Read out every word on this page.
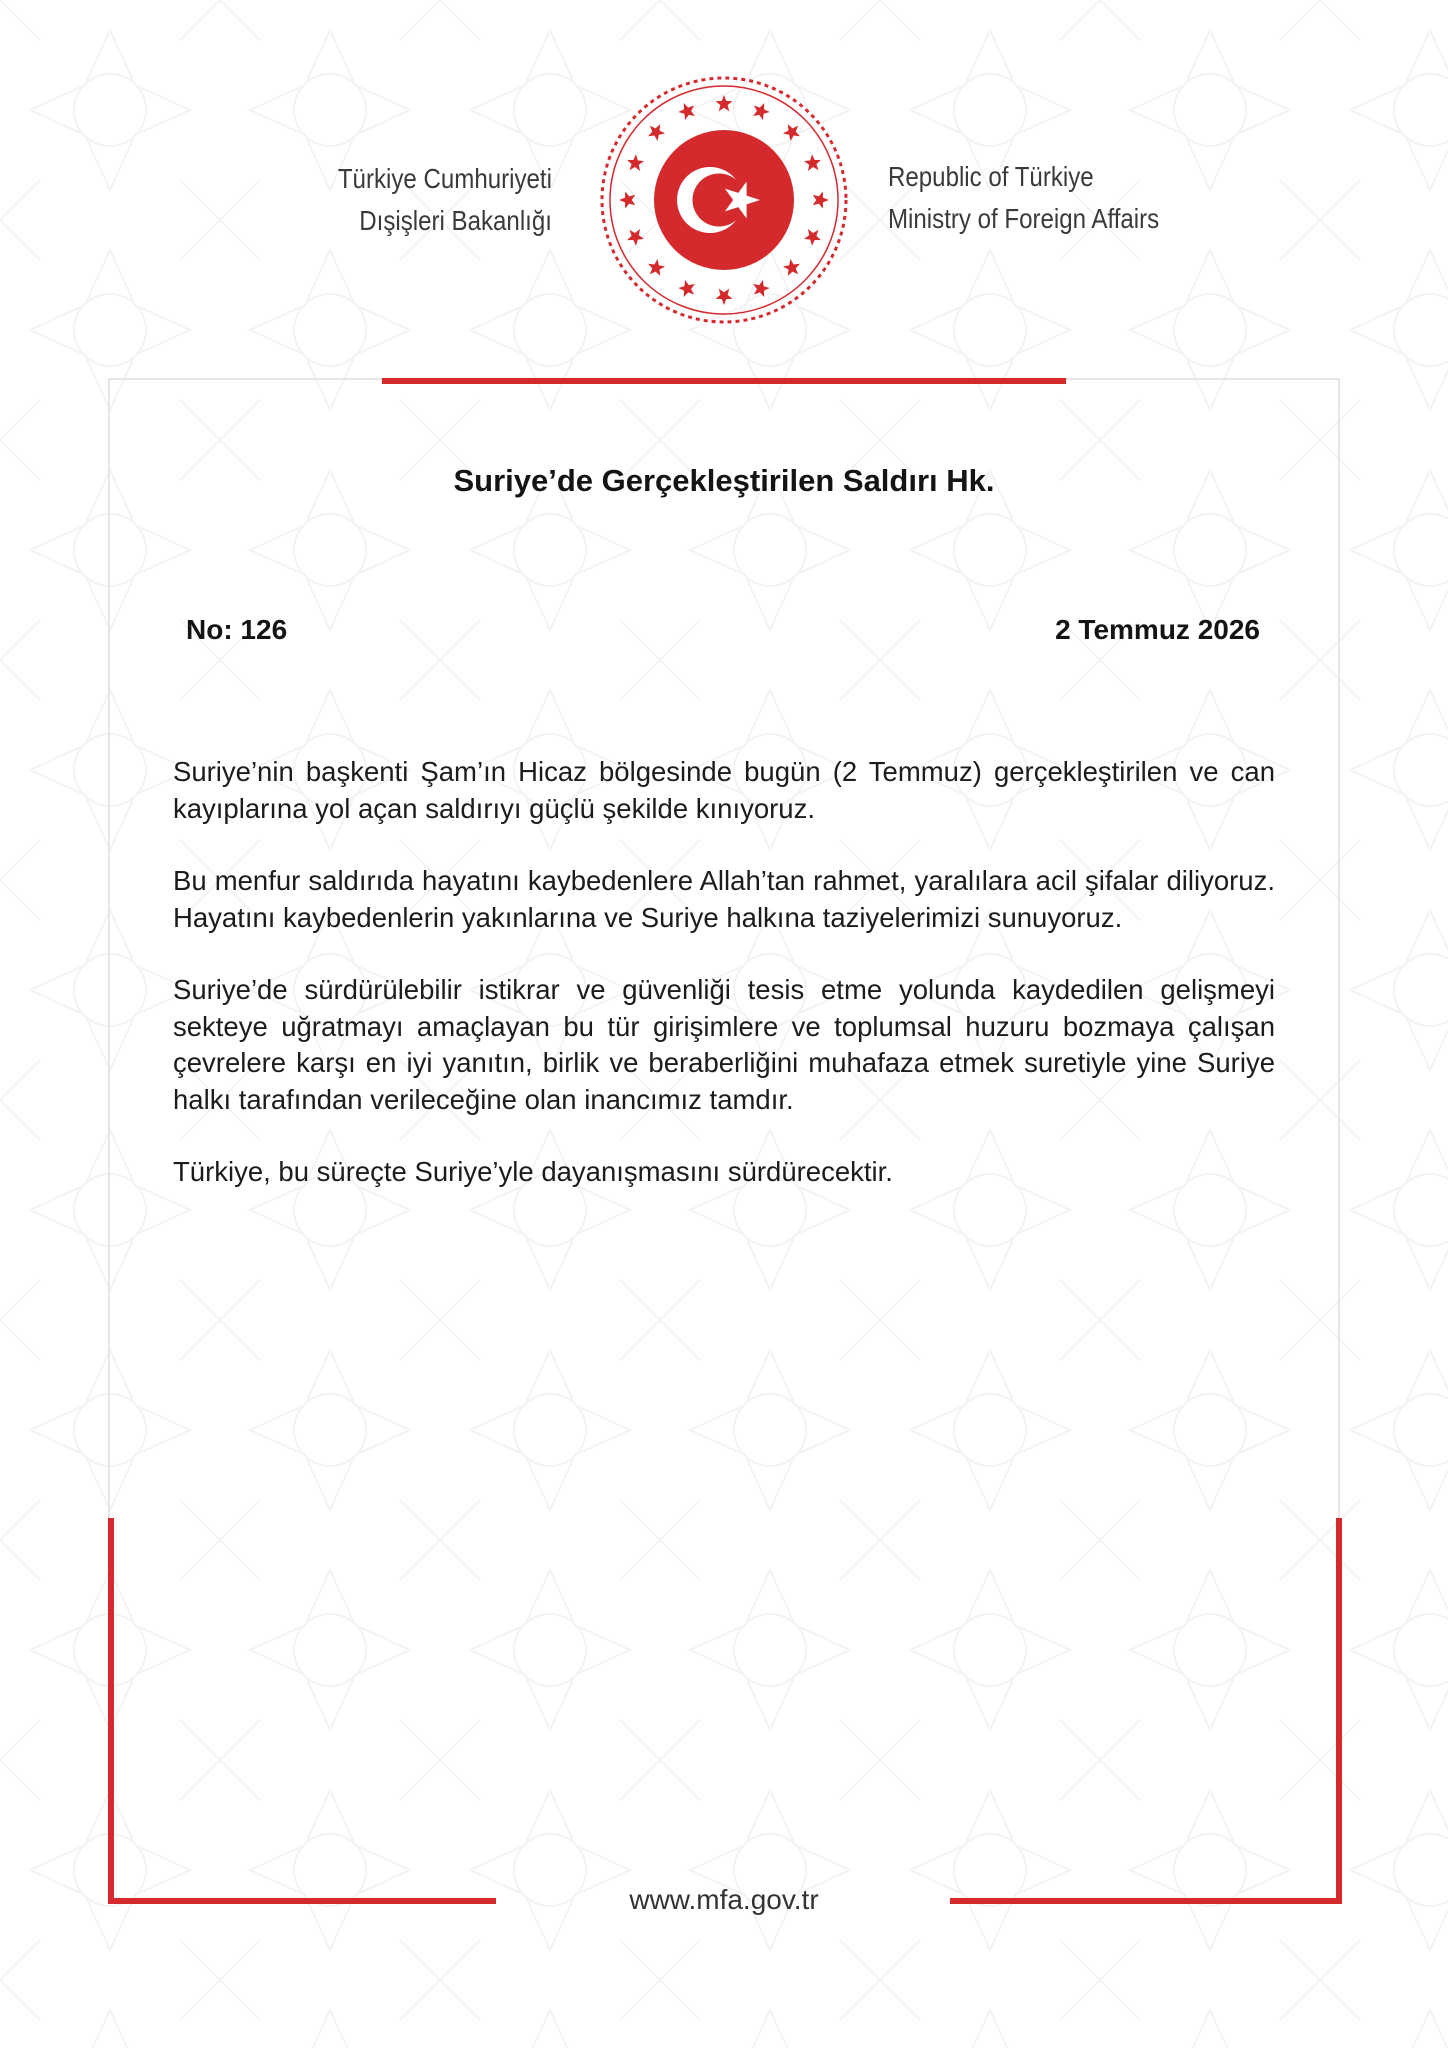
Türkiye Cumhuriyeti
Dışişleri Bakanlığı
Republic of Türkiye
Ministry of Foreign Affairs
Suriye’de Gerçekleştirilen Saldırı Hk.
No: 126	2 Temmuz 2026

Suriye’nin başkenti Şam’ın Hicaz bölgesinde bugün (2 Temmuz) gerçekleştirilen ve can kayıplarına yol açan saldırıyı güçlü şekilde kınıyoruz.

Bu menfur saldırıda hayatını kaybedenlere Allah’tan rahmet, yaralılara acil şifalar diliyoruz. Hayatını kaybedenlerin yakınlarına ve Suriye halkına taziyelerimizi sunuyoruz.

Suriye’de sürdürülebilir istikrar ve güvenliği tesis etme yolunda kaydedilen gelişmeyi sekteye uğratmayı amaçlayan bu tür girişimlere ve toplumsal huzuru bozmaya çalışan çevrelere karşı en iyi yanıtın, birlik ve beraberliğini muhafaza etmek suretiyle yine Suriye halkı tarafından verileceğine olan inancımız tamdır.

Türkiye, bu süreçte Suriye’yle dayanışmasını sürdürecektir.

www.mfa.gov.tr
